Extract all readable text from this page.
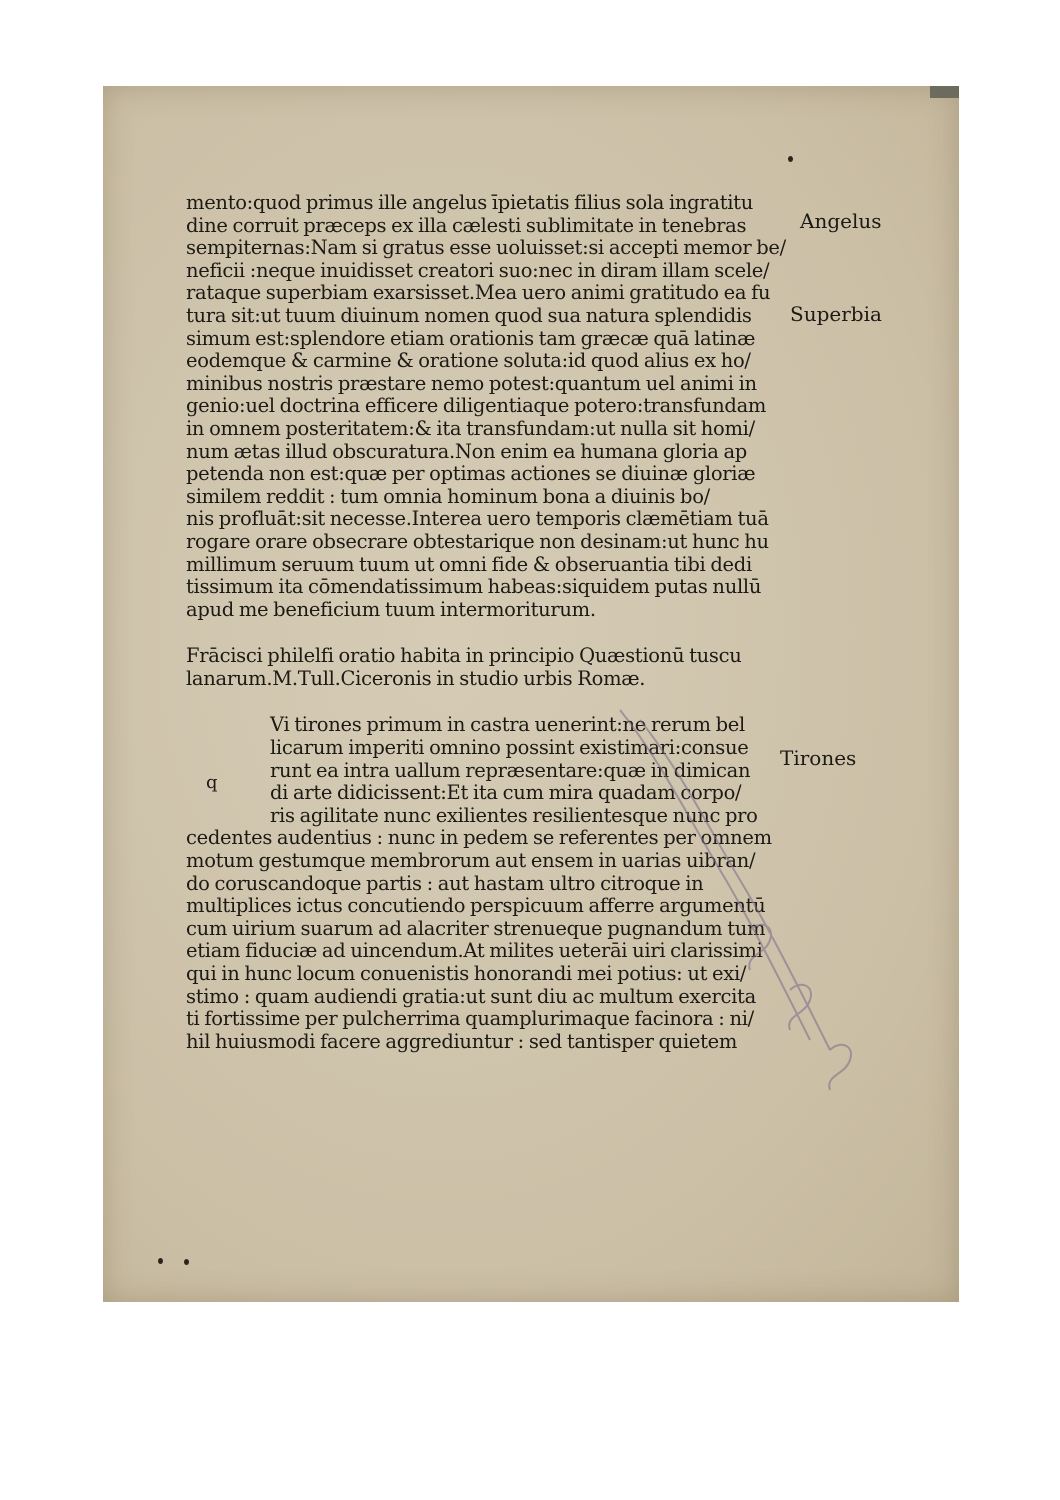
mento:quod primus ille angelus īpietatis filius sola ingratitu
dine corruit præceps ex illa cælesti sublimitate in tenebras
sempiternas:Nam si gratus esse uoluisset:si accepti memor be/
neficii :neque inuidisset creatori suo:nec in diram illam scele/
rataque superbiam exarsisset.Mea uero animi gratitudo ea fu
tura sit:ut tuum diuinum nomen quod sua natura splendidis
simum est:splendore etiam orationis tam græcæ quā latinæ
eodemque & carmine & oratione soluta:id quod alius ex ho/
minibus nostris præstare nemo potest:quantum uel animi in
genio:uel doctrina efficere diligentiaque potero:transfundam
in omnem posteritatem:& ita transfundam:ut nulla sit homi/
num ætas illud obscuratura.Non enim ea humana gloria ap
petenda non est:quæ per optimas actiones se diuinæ gloriæ
similem reddit : tum omnia hominum bona a diuinis bo/
nis profluāt:sit necesse.Interea uero temporis clæmētiam tuā
rogare orare obsecrare obtestarique non desinam:ut hunc hu
millimum seruum tuum ut omni fide & obseruantia tibi dedi
tissimum ita cōmendatissimum habeas:siquidem putas nullū
apud me beneficium tuum intermoriturum.
Frācisci philelfi oratio habita in principio Quæstionū tuscu
lanarum.M.Tull.Ciceronis in studio urbis Romæ.
Vi tirones primum in castra uenerint:ne rerum bel
licarum imperiti omnino possint existimari:consue
runt ea intra uallum repræsentare:quæ in dimican
di arte didicissent:Et ita cum mira quadam corpo/
ris agilitate nunc exilientes resilientesque nunc pro
cedentes audentius : nunc in pedem se referentes per omnem
motum gestumque membrorum aut ensem in uarias uibran/
do coruscandoque partis : aut hastam ultro citroque in
multiplices ictus concutiendo perspicuum afferre argumentū
cum uirium suarum ad alacriter strenueque pugnandum tum
etiam fiduciæ ad uincendum.At milites ueterāi uiri clarissimi
qui in hunc locum conuenistis honorandi mei potius: ut exi/
stimo : quam audiendi gratia:ut sunt diu ac multum exercita
ti fortissime per pulcherrima quamplurimaque facinora : ni/
hil huiusmodi facere aggrediuntur : sed tantisper quietem
Angelus
Superbia
Tirones
q
